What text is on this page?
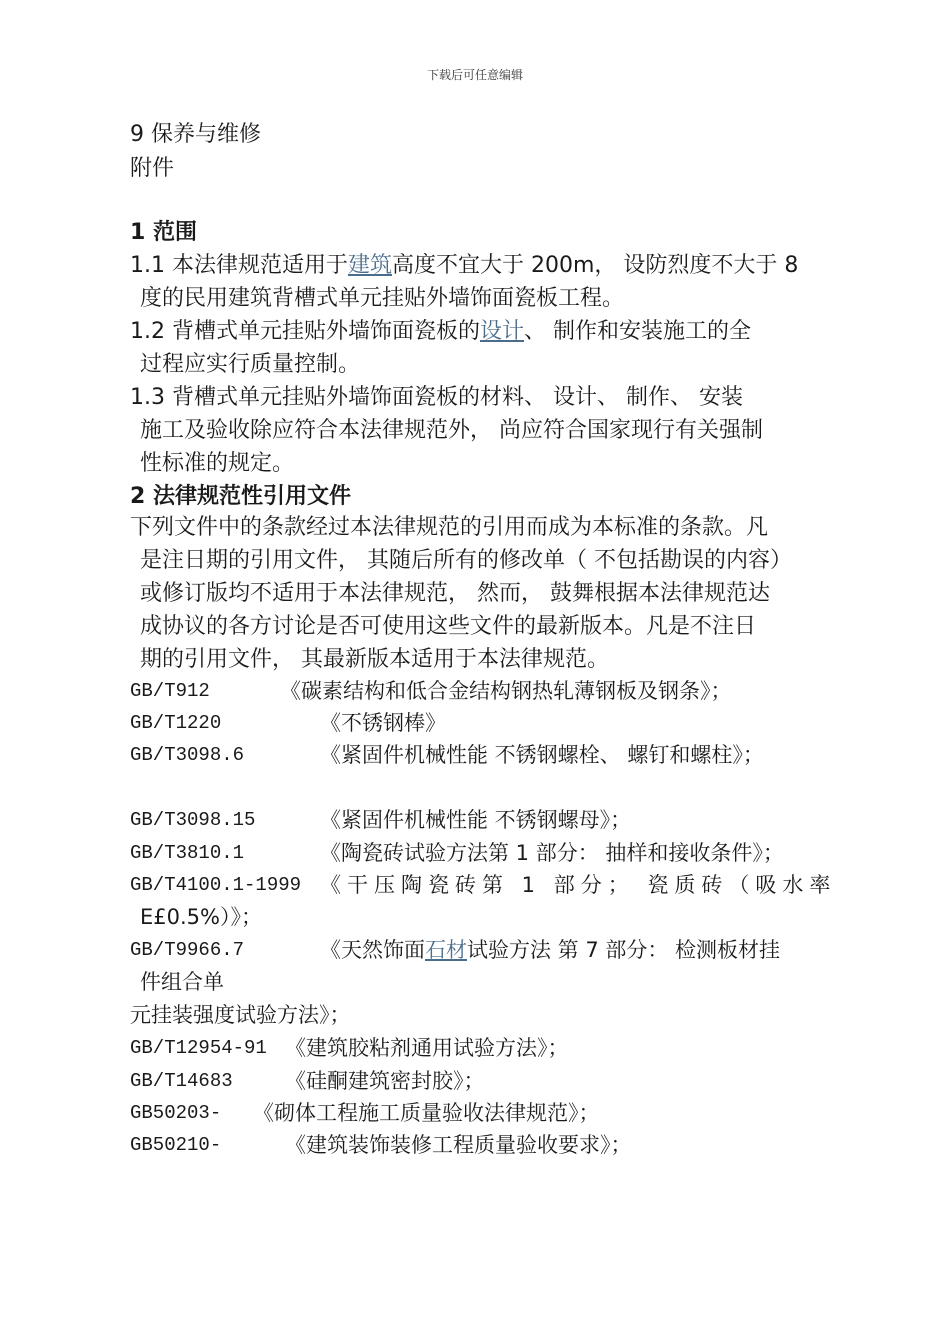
下载后可任意编辑
9 保养与维修
附件
1 范围
1.1 本法律规范适用于建筑高度不宜大于 200m， 设防烈度不大于 8
度的民用建筑背槽式单元挂贴外墙饰面瓷板工程。
1.2 背槽式单元挂贴外墙饰面瓷板的设计、 制作和安装施工的全
过程应实行质量控制。
1.3 背槽式单元挂贴外墙饰面瓷板的材料、 设计、 制作、 安装
施工及验收除应符合本法律规范外， 尚应符合国家现行有关强制
性标准的规定。
2 法律规范性引用文件
下列文件中的条款经过本法律规范的引用而成为本标准的条款。凡
是注日期的引用文件， 其随后所有的修改单（ 不包括勘误的内容）
或修订版均不适用于本法律规范， 然而， 鼓舞根据本法律规范达
成协议的各方讨论是否可使用这些文件的最新版本。凡是不注日
期的引用文件， 其最新版本适用于本法律规范。
GB/T912	《碳素结构和低合金结构钢热轧薄钢板及钢条》；
GB/T1220	《不锈钢棒》
GB/T3098.6	《紧固件机械性能 不锈钢螺栓、 螺钉和螺柱》；
GB/T3098.15	《紧固件机械性能 不锈钢螺母》；
GB/T3810.1	《陶瓷砖试验方法第 1 部分： 抽样和接收条件》；
GB/T4100.1-1999 《干压陶瓷砖第 1 部分； 瓷质砖（吸水率
E£0.5%）》；
GB/T9966.7	《天然饰面石材试验方法 第 7 部分： 检测板材挂
件组合单
元挂装强度试验方法》；
GB/T12954-91 《建筑胶粘剂通用试验方法》；
GB/T14683 《硅酮建筑密封胶》；
GB50203- 《砌体工程施工质量验收法律规范》；
GB50210-	《建筑装饰装修工程质量验收要求》；
